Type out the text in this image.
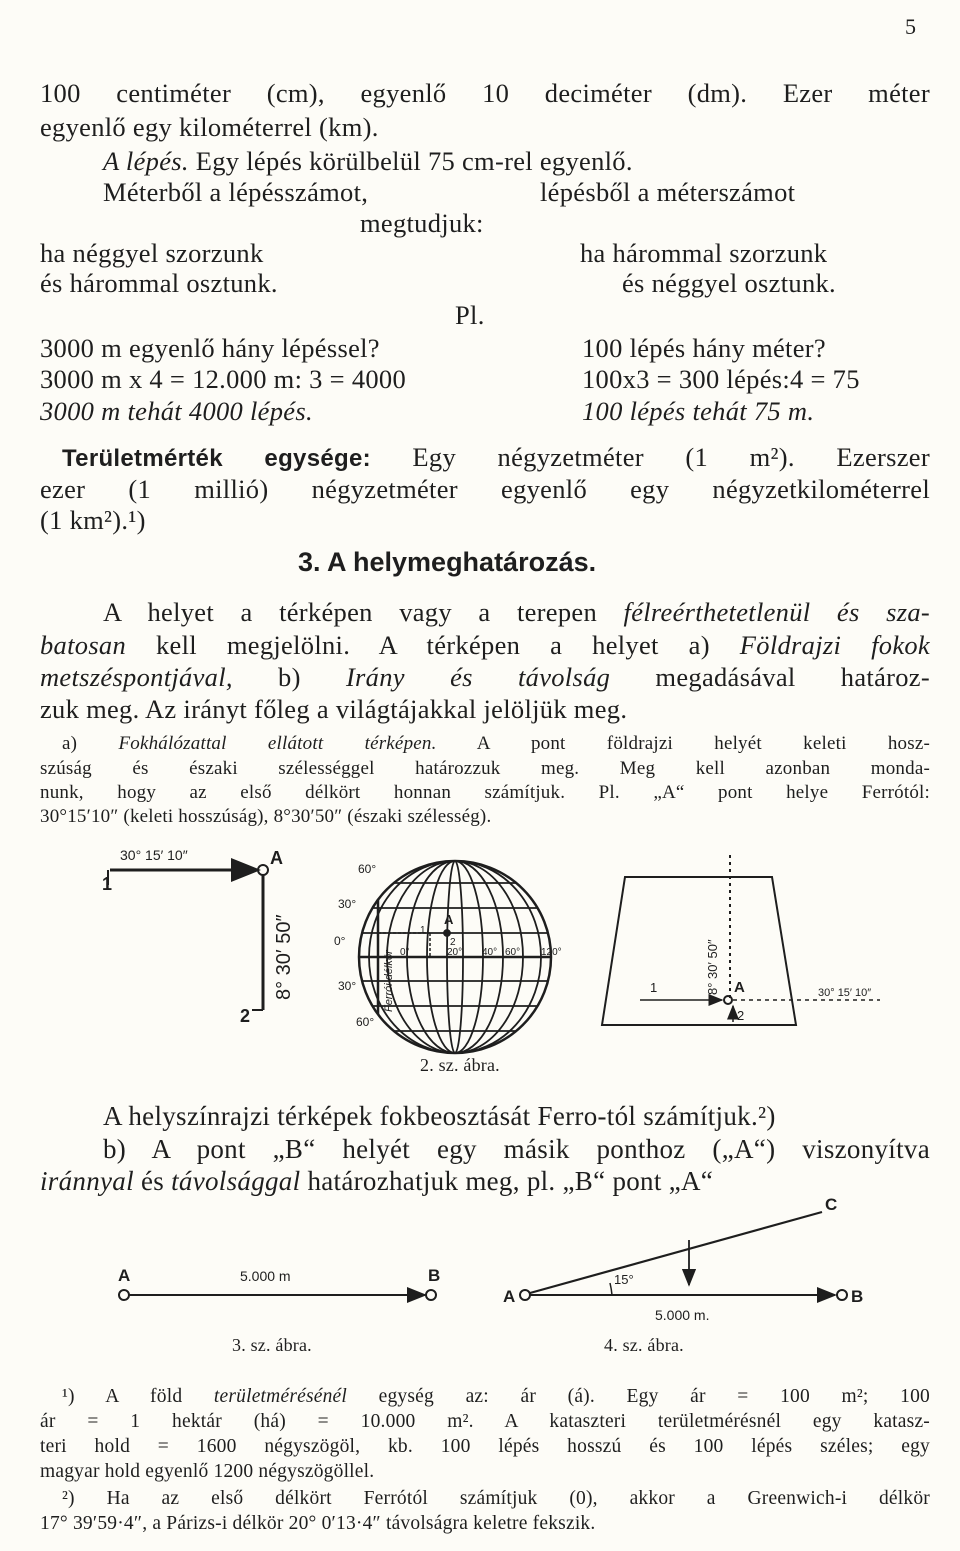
5
100 centiméter (cm), egyenlő 10 deciméter (dm). Ezer méter
egyenlő egy kilométerrel (km).
A lépés. Egy lépés körülbelül 75 cm-rel egyenlő.
Méterből a lépésszámot,	lépésből a méterszámot
megtudjuk:
ha néggyel szorzunk	ha hárommal szorzunk
és hárommal osztunk.	és néggyel osztunk.
Pl.
3000 m egyenlő hány lépéssel?	100 lépés hány méter?
3000 m x 4 = 12.000 m: 3 = 4000	100x3 = 300 lépés:4 = 75
3000 m tehát 4000 lépés.	100 lépés tehát 75 m.
Területmérték egysége: Egy négyzetméter (1 m²). Ezerszer
ezer (1 millió) négyzetméter egyenlő egy négyzetkilométerrel
(1 km²).¹)
3. A helymeghatározás.
A helyet a térképen vagy a terepen félreérthetetlenül és sza-
batosan kell megjelölni. A térképen a helyet a) Földrajzi fokok
metszéspontjával, b) Irány és távolság megadásával határoz-
zuk meg. Az irányt főleg a világtájakkal jelöljük meg.
a) Fokhálózattal ellátott térképen. A pont földrajzi helyét keleti hosz-
szúság és északi szélességgel határozzuk meg. Meg kell azonban monda-
nunk, hogy az első délkört honnan számítjuk. Pl. „A“ pont helye Ferrótól:
30°15′10″ (keleti hosszúság), 8°30′50″ (északi szélesség).
30° 15′ 10″	A
1
2
8° 30′ 50″
60°
30°
0°
30°
60°
0°	20° 40° 60° 120°
Ferrói délkör
A
1
2	8° 30′ 50″ A
1
2
30° 15′ 10″
A	B
5.000 m
A	B
C
15°
5.000 m.
2. sz. ábra.
A helyszínrajzi térképek fokbeosztását Ferro-tól számítjuk.²)
b) A pont „B“ helyét egy másik ponthoz („A“) viszonyítva
iránnyal és távolsággal határozhatjuk meg, pl. „B“ pont „A“
3. sz. ábra.	4. sz. ábra.
¹) A föld területmérésénél egység az: ár (á). Egy ár = 100 m²; 100
ár = 1 hektár (há) = 10.000 m². A kataszteri területmérésnél egy katasz-
teri hold = 1600 négyszögöl, kb. 100 lépés hosszú és 100 lépés széles; egy
magyar hold egyenlő 1200 négyszögöllel.
²) Ha az első délkört Ferrótól számítjuk (0), akkor a Greenwich-i délkör
17° 39′59·4″, a Párizs-i délkör 20° 0′13·4″ távolságra keletre fekszik.
